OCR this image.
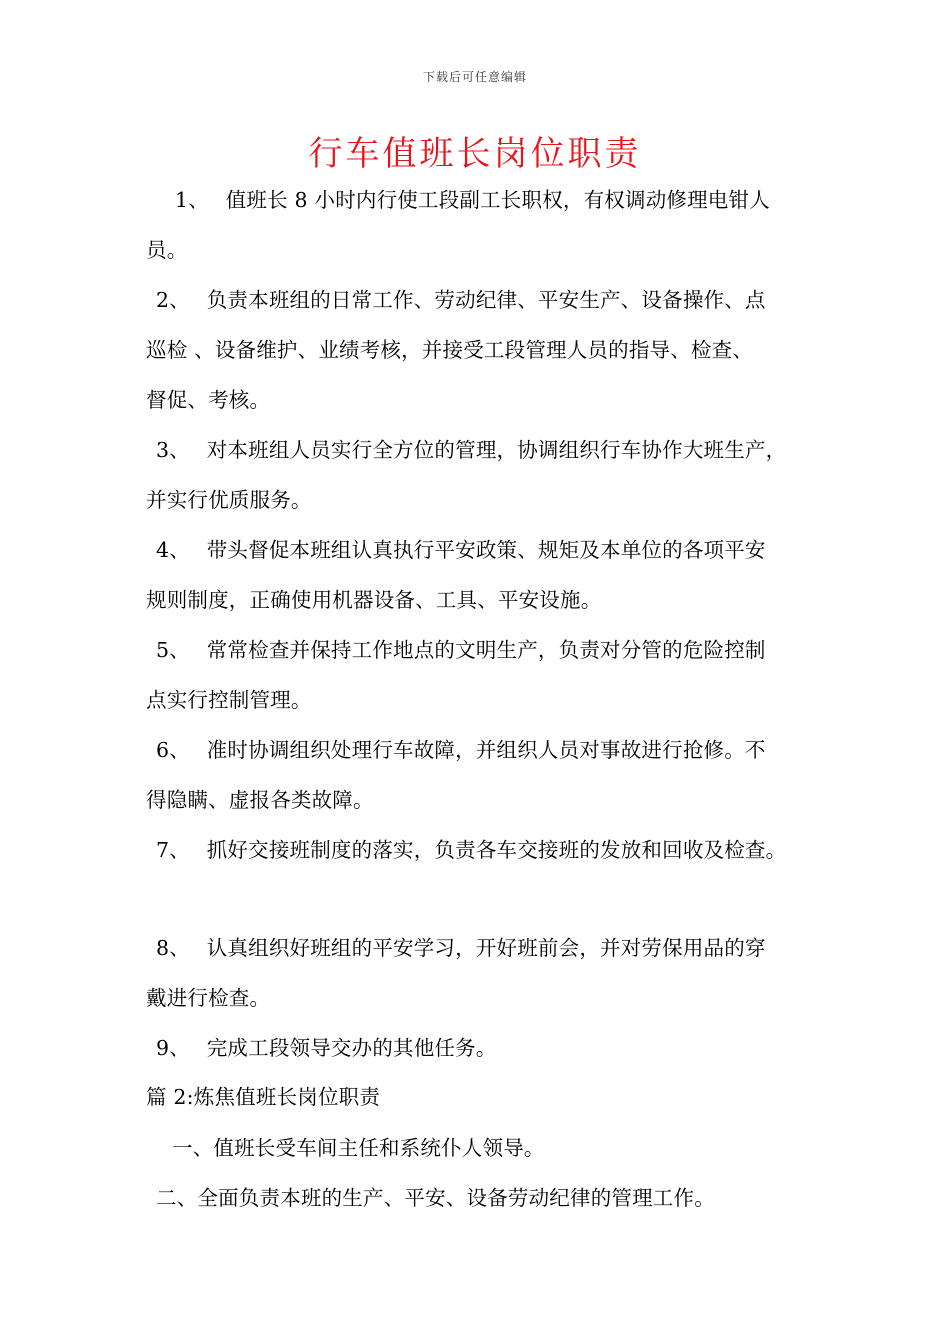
下载后可任意编辑
行车值班长岗位职责
1、 值班长 8 小时内行使工段副工长职权，有权调动修理电钳人
员。
2、 负责本班组的日常工作、劳动纪律、平安生产、设备操作、点
巡检 、设备维护、业绩考核，并接受工段管理人员的指导、检查、
督促、考核。
3、 对本班组人员实行全方位的管理，协调组织行车协作大班生产，
并实行优质服务。
4、 带头督促本班组认真执行平安政策、规矩及本单位的各项平安
规则制度，正确使用机器设备、工具、平安设施。
5、 常常检查并保持工作地点的文明生产，负责对分管的危险控制
点实行控制管理。
6、 准时协调组织处理行车故障，并组织人员对事故进行抢修。不
得隐瞒、虚报各类故障。
7、 抓好交接班制度的落实，负责各车交接班的发放和回收及检查。
8、 认真组织好班组的平安学习，开好班前会，并对劳保用品的穿
戴进行检查。
9、 完成工段领导交办的其他任务。
篇 2:炼焦值班长岗位职责
一、值班长受车间主任和系统仆人领导。
二、全面负责本班的生产、平安、设备劳动纪律的管理工作。
